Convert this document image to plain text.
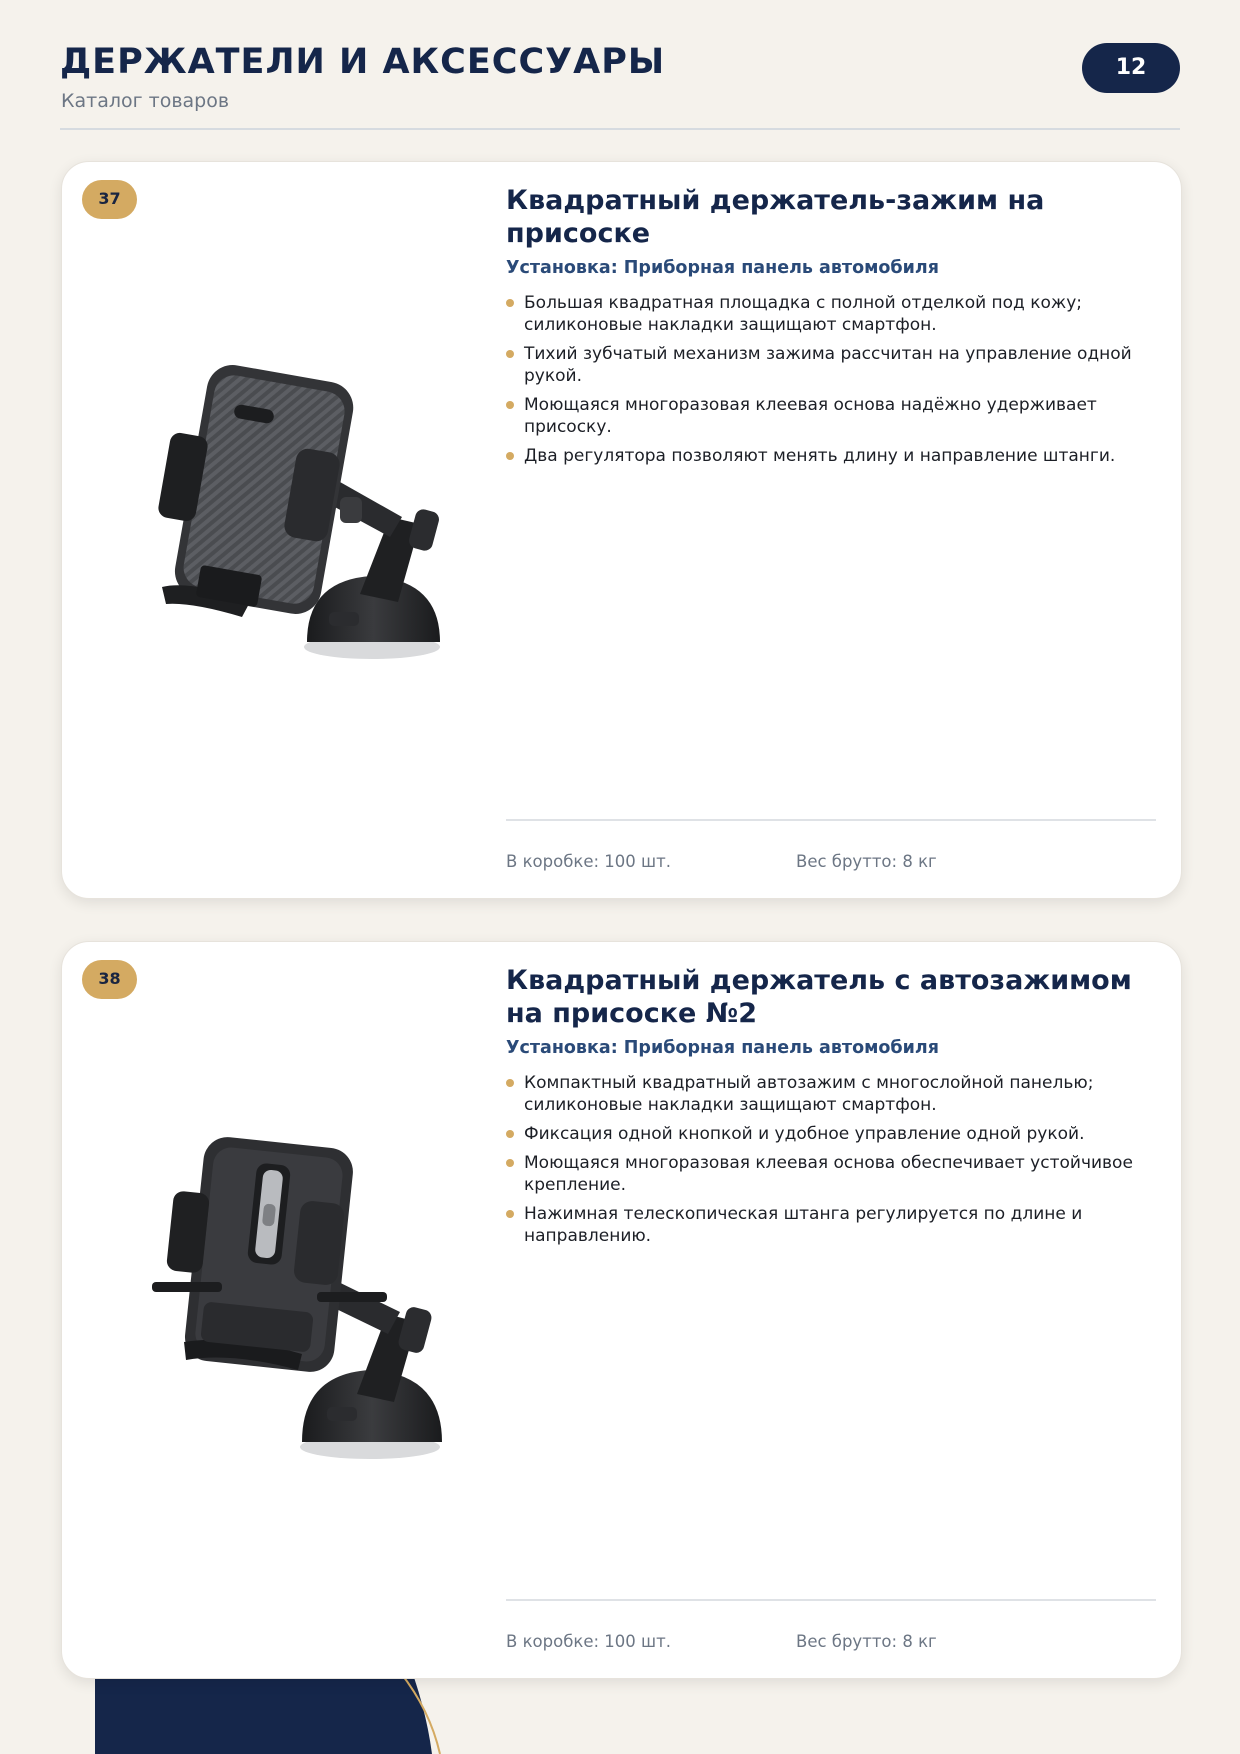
ДЕРЖАТЕЛИ И АКСЕССУАРЫ
Каталог товаров
12
37	Квадратный держатель-зажим на присоске
Установка: Приборная панель автомобиля
Большая квадратная площадка с полной отделкой под кожу; силиконовые накладки защищают смартфон.
Тихий зубчатый механизм зажима рассчитан на управление одной рукой.
Моющаяся многоразовая клеевая основа надёжно удерживает присоску.
Два регулятора позволяют менять длину и направление штанги.
В коробке: 100 шт.	Вес брутто: 8 кг
38	Квадратный держатель с автозажимом на присоске №2
Установка: Приборная панель автомобиля
Компактный квадратный автозажим с многослойной панелью; силиконовые накладки защищают смартфон.
Фиксация одной кнопкой и удобное управление одной рукой.
Моющаяся многоразовая клеевая основа обеспечивает устойчивое крепление.
Нажимная телескопическая штанга регулируется по длине и направлению.
В коробке: 100 шт.	Вес брутто: 8 кг
